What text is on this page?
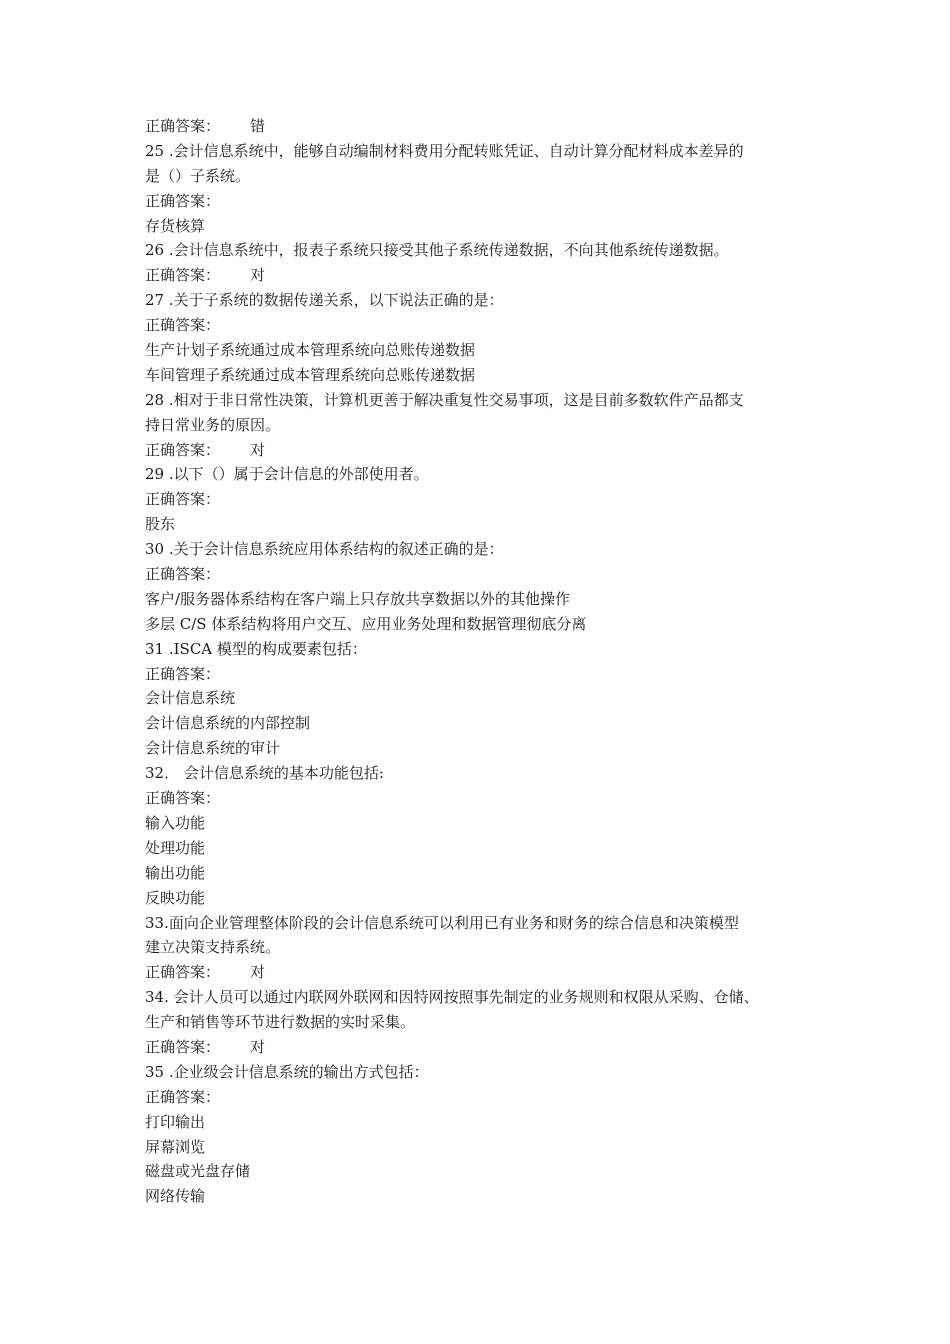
正确答案： 错
25 .会计信息系统中，能够自动编制材料费用分配转账凭证、自动计算分配材料成本差异的
是（）子系统。
正确答案：
存货核算
26 .会计信息系统中，报表子系统只接受其他子系统传递数据，不向其他系统传递数据。
正确答案： 对
27 .关于子系统的数据传递关系，以下说法正确的是：
正确答案：
生产计划子系统通过成本管理系统向总账传递数据
车间管理子系统通过成本管理系统向总账传递数据
28 .相对于非日常性决策，计算机更善于解决重复性交易事项，这是目前多数软件产品都支
持日常业务的原因。
正确答案： 对
29 .以下（）属于会计信息的外部使用者。
正确答案：
股东
30 .关于会计信息系统应用体系结构的叙述正确的是：
正确答案：
客户/服务器体系结构在客户端上只存放共享数据以外的其他操作
多层 C/S 体系结构将用户交互、应用业务处理和数据管理彻底分离
31 .ISCA 模型的构成要素包括：
正确答案：
会计信息系统
会计信息系统的内部控制
会计信息系统的审计
32． 会计信息系统的基本功能包括:
正确答案：
输入功能
处理功能
输出功能
反映功能
33.面向企业管理整体阶段的会计信息系统可以利用已有业务和财务的综合信息和决策模型
建立决策支持系统。
正确答案： 对
34. 会计人员可以通过内联网外联网和因特网按照事先制定的业务规则和权限从采购、仓储、
生产和销售等环节进行数据的实时采集。
正确答案： 对
35 .企业级会计信息系统的输出方式包括：
正确答案：
打印输出
屏幕浏览
磁盘或光盘存储
网络传输
